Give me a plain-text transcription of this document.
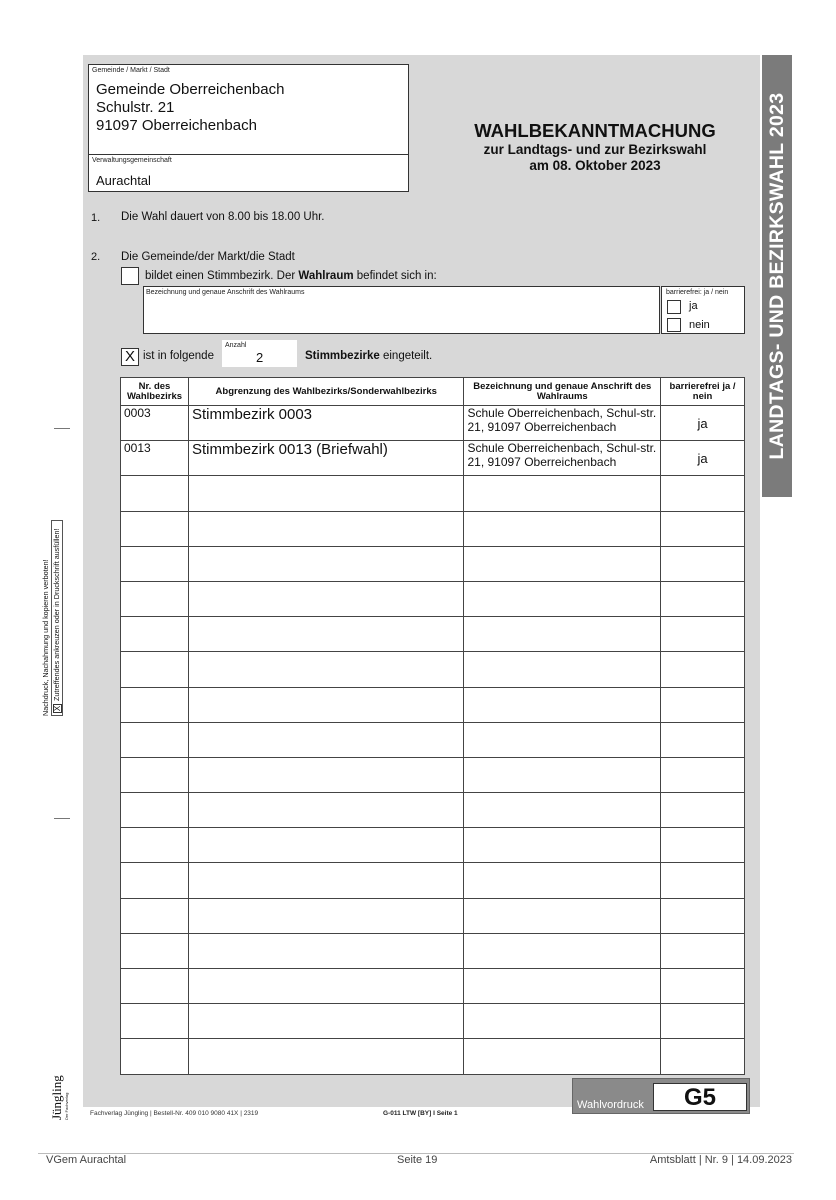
LANDTAGS- UND BEZIRKSWAHL 2023
Gemeinde / Markt / Stadt
Gemeinde Oberreichenbach
Schulstr. 21
91097 Oberreichenbach
Verwaltungsgemeinschaft
Aurachtal
WAHLBEKANNTMACHUNG
zur Landtags- und zur Bezirkswahl
am 08. Oktober 2023
1. Die Wahl dauert von 8.00 bis 18.00 Uhr.
2. Die Gemeinde/der Markt/die Stadt
bildet einen Stimmbezirk. Der Wahlraum befindet sich in:
Bezeichnung und genaue Anschrift des Wahlraums	barrierefrei: ja / nein
ja
nein
X ist in folgende
Anzahl
2	Stimmbezirke eingeteilt.
Nr. des Wahlbezirks	Abgrenzung des Wahlbezirks/Sonderwahlbezirks	Bezeichnung und genaue Anschrift des Wahlraums	barrierefrei ja / nein
0003	Stimmbezirk 0003	Schule Oberreichenbach, Schul-str. 21, 91097 Oberreichenbach	ja
0013	Stimmbezirk 0013 (Briefwahl)	Schule Oberreichenbach, Schul-str. 21, 91097 Oberreichenbach	ja

Nachdruck, Nachahmung und kopieren verboten! X
Zutreffendes ankreuzen oder in Druckschrift ausfüllen!
Jüngling Der Fachverlag	Fachverlag Jüngling | Bestell-Nr. 409 010 9080 41X | 2319	G-011 LTW [BY] I Seite 1
Wahlvordruck	G5
VGem Aurachtal	Seite 19	Amtsblatt | Nr. 9 | 14.09.2023
